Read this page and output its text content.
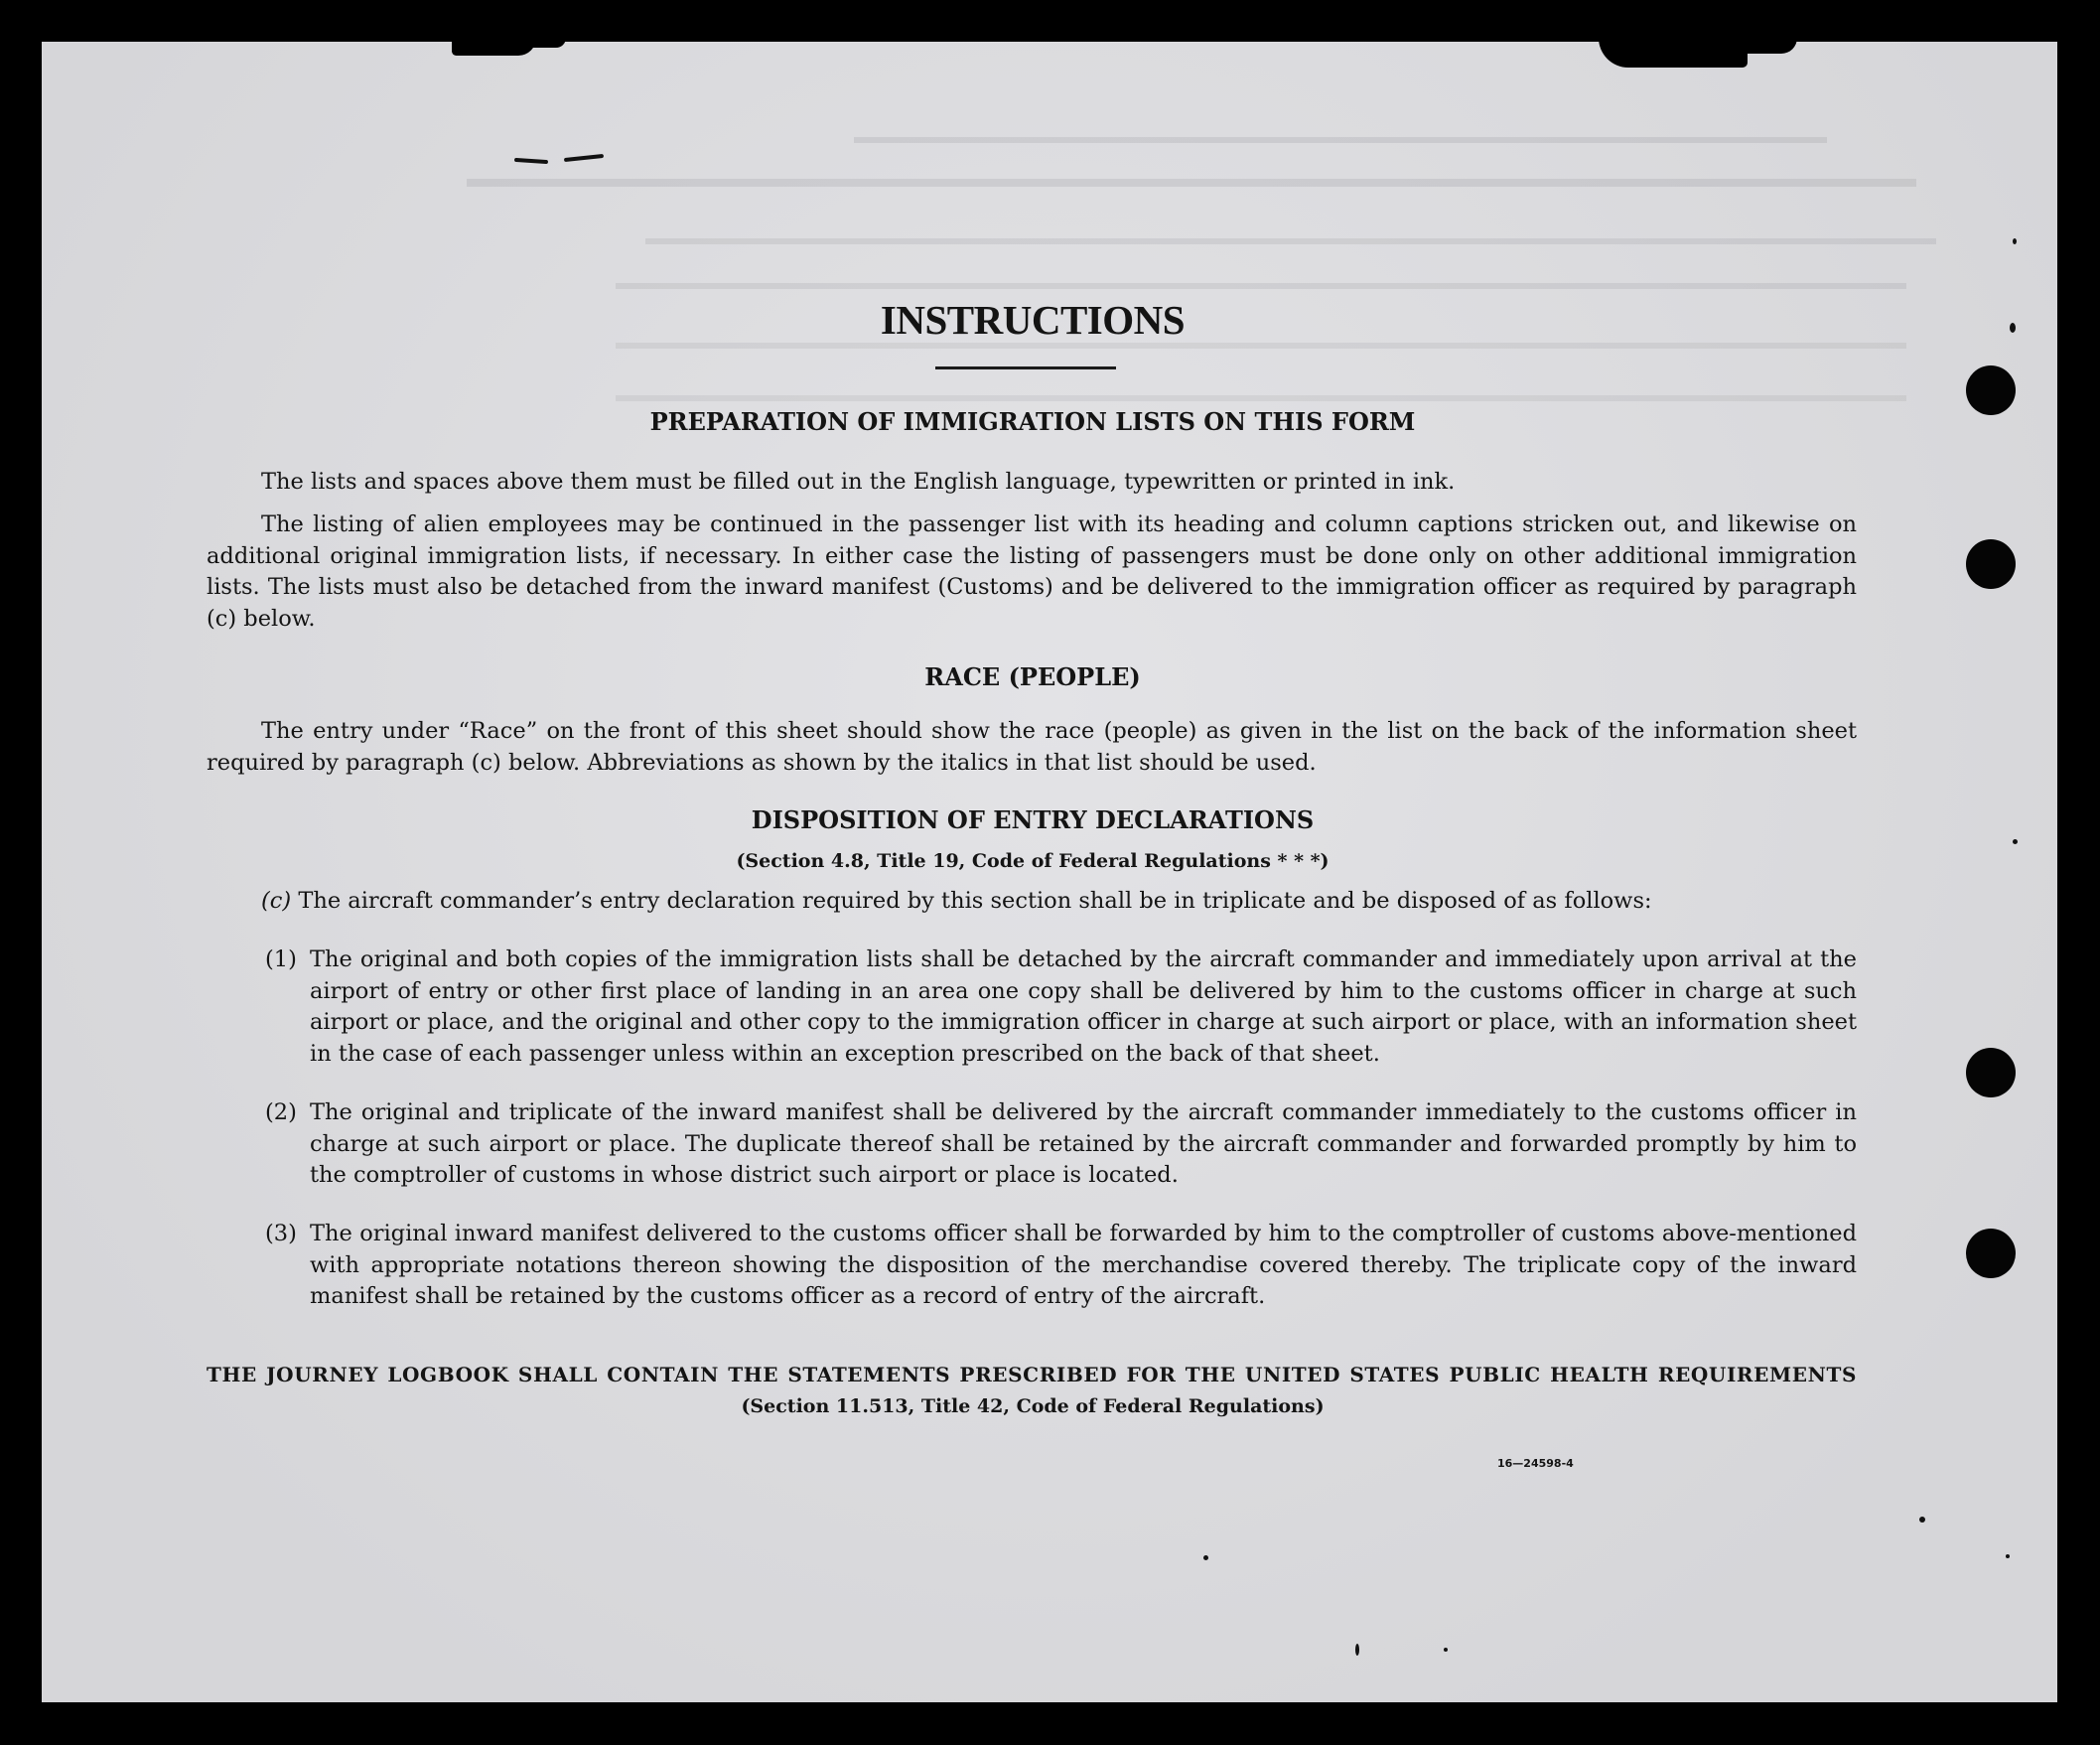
INSTRUCTIONS
PREPARATION OF IMMIGRATION LISTS ON THIS FORM

The lists and spaces above them must be filled out in the English language, typewritten or printed in ink.

The listing of alien employees may be continued in the passenger list with its heading and column captions stricken out, and likewise on additional original immigration lists, if necessary. In either case the listing of passengers must be done only on other additional immigration lists. The lists must also be detached from the inward manifest (Customs) and be delivered to the immigration officer as required by paragraph (c) below.

RACE (PEOPLE)

The entry under “Race” on the front of this sheet should show the race (people) as given in the list on the back of the information sheet required by paragraph (c) below. Abbreviations as shown by the italics in that list should be used.

DISPOSITION OF ENTRY DECLARATIONS
(Section 4.8, Title 19, Code of Federal Regulations * * *)

(c) The aircraft commander’s entry declaration required by this section shall be in triplicate and be disposed of as follows:

(1) The original and both copies of the immigration lists shall be detached by the aircraft commander and immediately upon arrival at the airport of entry or other first place of landing in an area one copy shall be delivered by him to the customs officer in charge at such airport or place, and the original and other copy to the immigration officer in charge at such airport or place, with an information sheet in the case of each passenger unless within an exception prescribed on the back of that sheet.
(2) The original and triplicate of the inward manifest shall be delivered by the aircraft commander immediately to the customs officer in charge at such airport or place. The duplicate thereof shall be retained by the aircraft commander and forwarded promptly by him to the comptroller of customs in whose district such airport or place is located.
(3) The original inward manifest delivered to the customs officer shall be forwarded by him to the comptroller of customs above-mentioned with appropriate notations thereon showing the disposition of the merchandise covered thereby. The triplicate copy of the inward manifest shall be retained by the customs officer as a record of entry of the aircraft.
THE JOURNEY LOGBOOK SHALL CONTAIN THE STATEMENTS PRESCRIBED FOR THE UNITED STATES PUBLIC HEALTH REQUIREMENTS
(Section 11.513, Title 42, Code of Federal Regulations)
16—24598-4
